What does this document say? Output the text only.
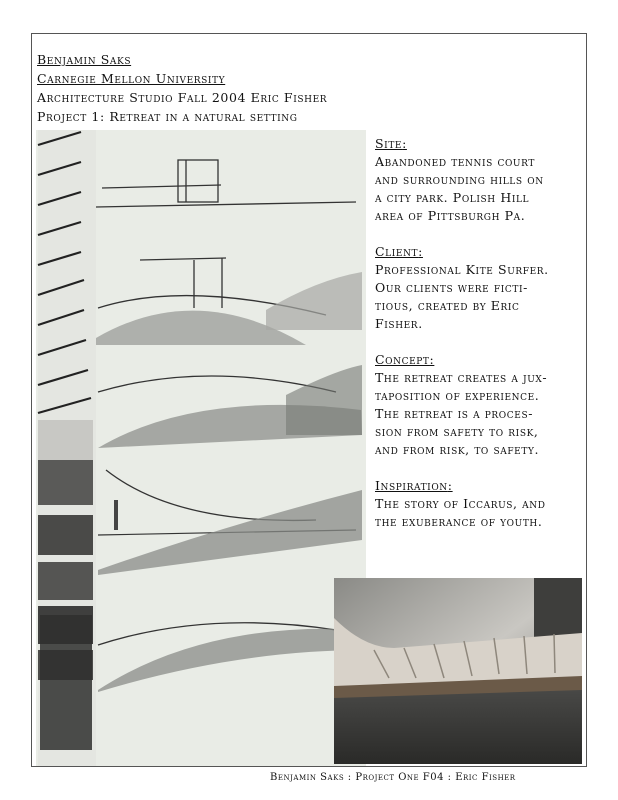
Benjamin Saks
Carnegie Mellon University
Architecture Studio Fall 2004 Eric Fisher
Project 1: Retreat in a natural setting
Site:
Abandoned tennis court
and surrounding hills on
a city park. Polish Hill
area of Pittsburgh Pa.
Client:
Professional Kite Surfer.
Our clients were ficti-
tious, created by Eric
Fisher.
Concept:
The retreat creates a jux-
taposition of experience.
The retreat is a proces-
sion from safety to risk,
and from risk, to safety.
Inspiration:
The story of Iccarus, and
the exuberance of youth.
Benjamin Saks : Project One F04 : Eric Fisher
